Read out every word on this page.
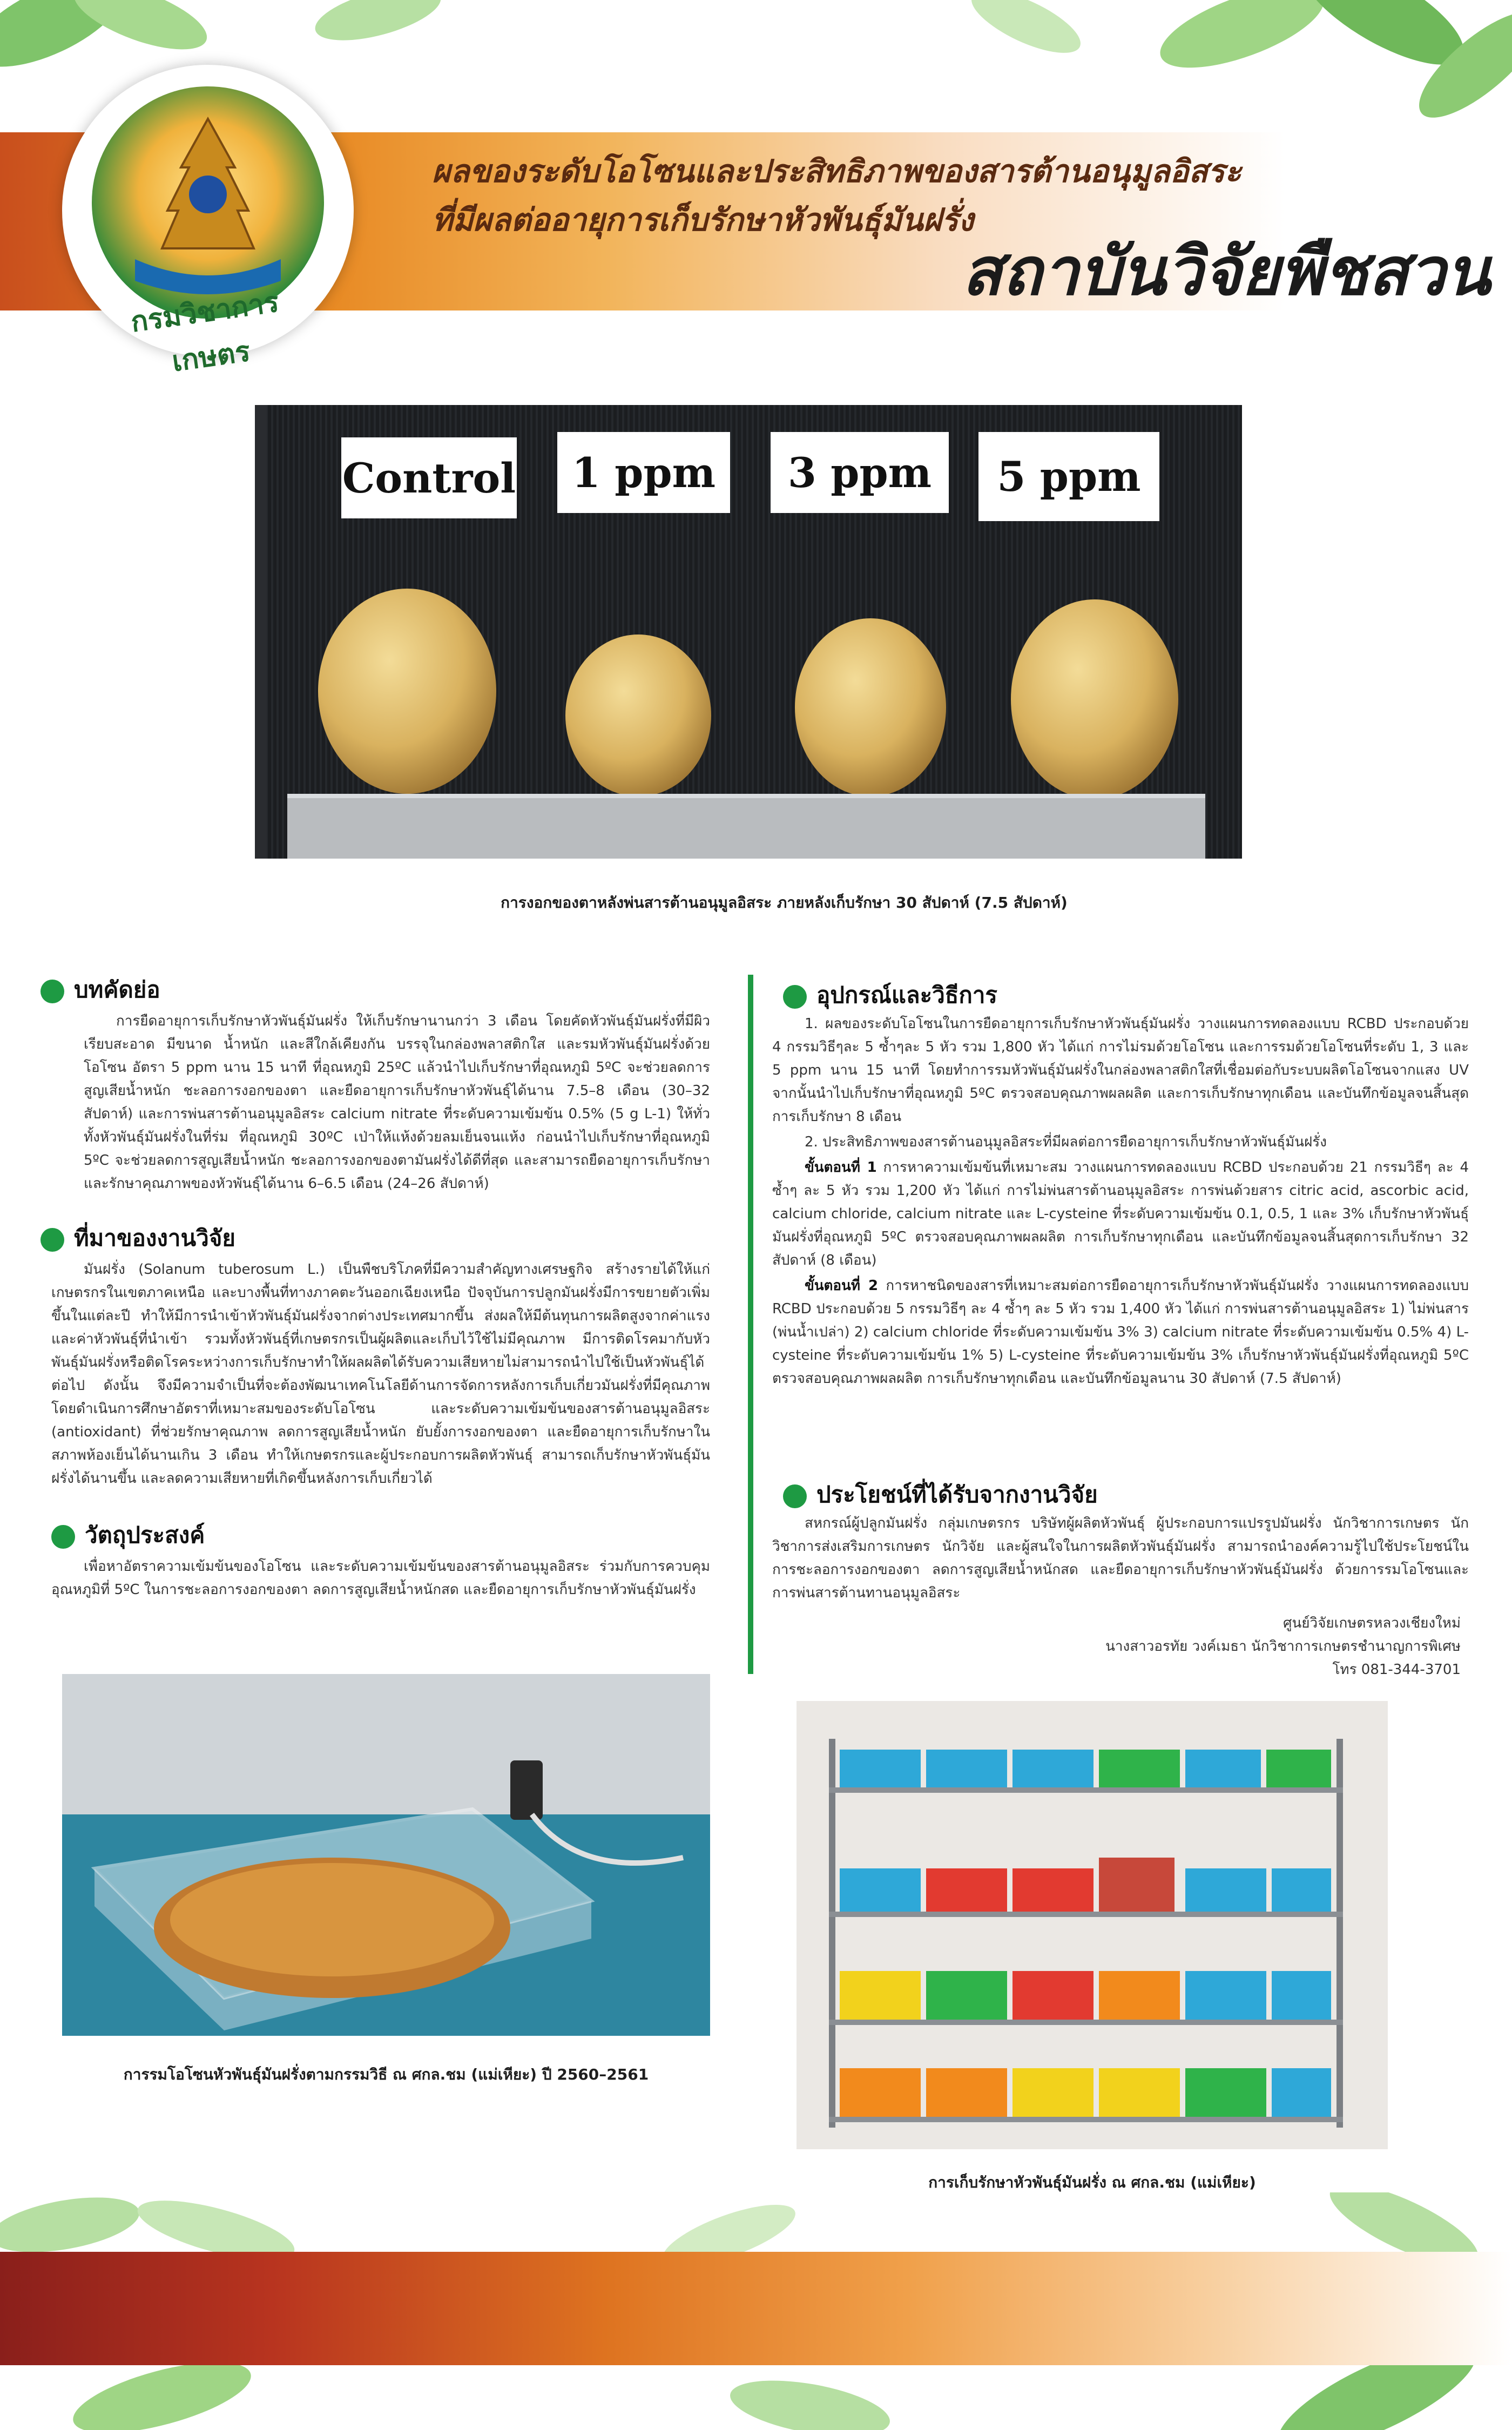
ผลของระดับโอโซนและประสิทธิภาพของสารต้านอนุมูลอิสระ
ที่มีผลต่ออายุการเก็บรักษาหัวพันธุ์มันฝรั่ง
สถาบันวิจัยพืชสวน
กรมวิชาการเกษตร
Control	1 ppm	3 ppm	5 ppm
การงอกของตาหลังพ่นสารต้านอนุมูลอิสระ ภายหลังเก็บรักษา 30 สัปดาห์ (7.5 สัปดาห์)
บทคัดย่อ

การยืดอายุการเก็บรักษาหัวพันธุ์มันฝรั่ง ให้เก็บรักษานานกว่า 3 เดือน โดยคัดหัวพันธุ์มันฝรั่งที่มีผิวเรียบสะอาด มีขนาด น้ำหนัก และสีใกล้เคียงกัน บรรจุในกล่องพลาสติกใส และรมหัวพันธุ์มันฝรั่งด้วยโอโซน อัตรา 5 ppm นาน 15 นาที ที่อุณหภูมิ 25ºC แล้วนำไปเก็บรักษาที่อุณหภูมิ 5ºC จะช่วยลดการสูญเสียน้ำหนัก ชะลอการงอกของตา และยืดอายุการเก็บรักษาหัวพันธุ์ได้นาน 7.5–8 เดือน (30–32 สัปดาห์) และการพ่นสารต้านอนุมูลอิสระ calcium nitrate ที่ระดับความเข้มข้น 0.5% (5 g L-1) ให้ทั่วทั้งหัวพันธุ์มันฝรั่งในที่ร่ม ที่อุณหภูมิ 30ºC เป่าให้แห้งด้วยลมเย็นจนแห้ง ก่อนนำไปเก็บรักษาที่อุณหภูมิ 5ºC จะช่วยลดการสูญเสียน้ำหนัก ชะลอการงอกของตามันฝรั่งได้ดีที่สุด และสามารถยืดอายุการเก็บรักษา และรักษาคุณภาพของหัวพันธุ์ได้นาน 6–6.5 เดือน (24–26 สัปดาห์)

ที่มาของงานวิจัย

มันฝรั่ง (Solanum tuberosum L.) เป็นพืชบริโภคที่มีความสำคัญทางเศรษฐกิจ สร้างรายได้ให้แก่เกษตรกรในเขตภาคเหนือ และบางพื้นที่ทางภาคตะวันออกเฉียงเหนือ ปัจจุบันการปลูกมันฝรั่งมีการขยายตัวเพิ่มขึ้นในแต่ละปี ทำให้มีการนำเข้าหัวพันธุ์มันฝรั่งจากต่างประเทศมากขึ้น ส่งผลให้มีต้นทุนการผลิตสูงจากค่าแรงและค่าหัวพันธุ์ที่นำเข้า รวมทั้งหัวพันธุ์ที่เกษตรกรเป็นผู้ผลิตและเก็บไว้ใช้ไม่มีคุณภาพ มีการติดโรคมากับหัวพันธุ์มันฝรั่งหรือติดโรคระหว่างการเก็บรักษาทำให้ผลผลิตได้รับความเสียหายไม่สามารถนำไปใช้เป็นหัวพันธุ์ได้ต่อไป ดังนั้น จึงมีความจำเป็นที่จะต้องพัฒนาเทคโนโลยีด้านการจัดการหลังการเก็บเกี่ยวมันฝรั่งที่มีคุณภาพ โดยดำเนินการศึกษาอัตราที่เหมาะสมของระดับโอโซน และระดับความเข้มข้นของสารต้านอนุมูลอิสระ (antioxidant) ที่ช่วยรักษาคุณภาพ ลดการสูญเสียน้ำหนัก ยับยั้งการงอกของตา และยืดอายุการเก็บรักษาในสภาพห้องเย็นได้นานเกิน 3 เดือน ทำให้เกษตรกรและผู้ประกอบการผลิตหัวพันธุ์ สามารถเก็บรักษาหัวพันธุ์มันฝรั่งได้นานขึ้น และลดความเสียหายที่เกิดขึ้นหลังการเก็บเกี่ยวได้

วัตถุประสงค์

เพื่อหาอัตราความเข้มข้นของโอโซน และระดับความเข้มข้นของสารต้านอนุมูลอิสระ ร่วมกับการควบคุมอุณหภูมิที่ 5ºC ในการชะลอการงอกของตา ลดการสูญเสียน้ำหนักสด และยืดอายุการเก็บรักษาหัวพันธุ์มันฝรั่ง

อุปกรณ์และวิธีการ

1. ผลของระดับโอโซนในการยืดอายุการเก็บรักษาหัวพันธุ์มันฝรั่ง วางแผนการทดลองแบบ RCBD ประกอบด้วย 4 กรรมวิธีๆละ 5 ซ้ำๆละ 5 หัว รวม 1,800 หัว ได้แก่ การไม่รมด้วยโอโซน และการรมด้วยโอโซนที่ระดับ 1, 3 และ 5 ppm นาน 15 นาที โดยทำการรมหัวพันธุ์มันฝรั่งในกล่องพลาสติกใสที่เชื่อมต่อกับระบบผลิตโอโซนจากแสง UV จากนั้นนำไปเก็บรักษาที่อุณหภูมิ 5ºC ตรวจสอบคุณภาพผลผลิต และการเก็บรักษาทุกเดือน และบันทึกข้อมูลจนสิ้นสุดการเก็บรักษา 8 เดือน

2. ประสิทธิภาพของสารต้านอนุมูลอิสระที่มีผลต่อการยืดอายุการเก็บรักษาหัวพันธุ์มันฝรั่ง

ขั้นตอนที่ 1 การหาความเข้มข้นที่เหมาะสม วางแผนการทดลองแบบ RCBD ประกอบด้วย 21 กรรมวิธีๆ ละ 4 ซ้ำๆ ละ 5 หัว รวม 1,200 หัว ได้แก่ การไม่พ่นสารต้านอนุมูลอิสระ การพ่นด้วยสาร citric acid, ascorbic acid, calcium chloride, calcium nitrate และ L-cysteine ที่ระดับความเข้มข้น 0.1, 0.5, 1 และ 3% เก็บรักษาหัวพันธุ์มันฝรั่งที่อุณหภูมิ 5ºC ตรวจสอบคุณภาพผลผลิต การเก็บรักษาทุกเดือน และบันทึกข้อมูลจนสิ้นสุดการเก็บรักษา 32 สัปดาห์ (8 เดือน)

ขั้นตอนที่ 2 การหาชนิดของสารที่เหมาะสมต่อการยืดอายุการเก็บรักษาหัวพันธุ์มันฝรั่ง วางแผนการทดลองแบบ RCBD ประกอบด้วย 5 กรรมวิธีๆ ละ 4 ซ้ำๆ ละ 5 หัว รวม 1,400 หัว ได้แก่ การพ่นสารต้านอนุมูลอิสระ 1) ไม่พ่นสาร (พ่นน้ำเปล่า) 2) calcium chloride ที่ระดับความเข้มข้น 3% 3) calcium nitrate ที่ระดับความเข้มข้น 0.5% 4) L-cysteine ที่ระดับความเข้มข้น 1% 5) L-cysteine ที่ระดับความเข้มข้น 3% เก็บรักษาหัวพันธุ์มันฝรั่งที่อุณหภูมิ 5ºC ตรวจสอบคุณภาพผลผลิต การเก็บรักษาทุกเดือน และบันทึกข้อมูลนาน 30 สัปดาห์ (7.5 สัปดาห์)

ประโยชน์ที่ได้รับจากงานวิจัย

สหกรณ์ผู้ปลูกมันฝรั่ง กลุ่มเกษตรกร บริษัทผู้ผลิตหัวพันธุ์ ผู้ประกอบการแปรรูปมันฝรั่ง นักวิชาการเกษตร นักวิชาการส่งเสริมการเกษตร นักวิจัย และผู้สนใจในการผลิตหัวพันธุ์มันฝรั่ง สามารถนำองค์ความรู้ไปใช้ประโยชน์ในการชะลอการงอกของตา ลดการสูญเสียน้ำหนักสด และยืดอายุการเก็บรักษาหัวพันธุ์มันฝรั่ง ด้วยการรมโอโซนและการพ่นสารต้านทานอนุมูลอิสระ

ศูนย์วิจัยเกษตรหลวงเชียงใหม่
นางสาวอรทัย วงค์เมธา นักวิชาการเกษตรชำนาญการพิเศษ
โทร 081-344-3701
การรมโอโซนหัวพันธุ์มันฝรั่งตามกรรมวิธี ณ ศกล.ชม (แม่เหียะ) ปี 2560–2561
การเก็บรักษาหัวพันธุ์มันฝรั่ง ณ ศกล.ชม (แม่เหียะ)
